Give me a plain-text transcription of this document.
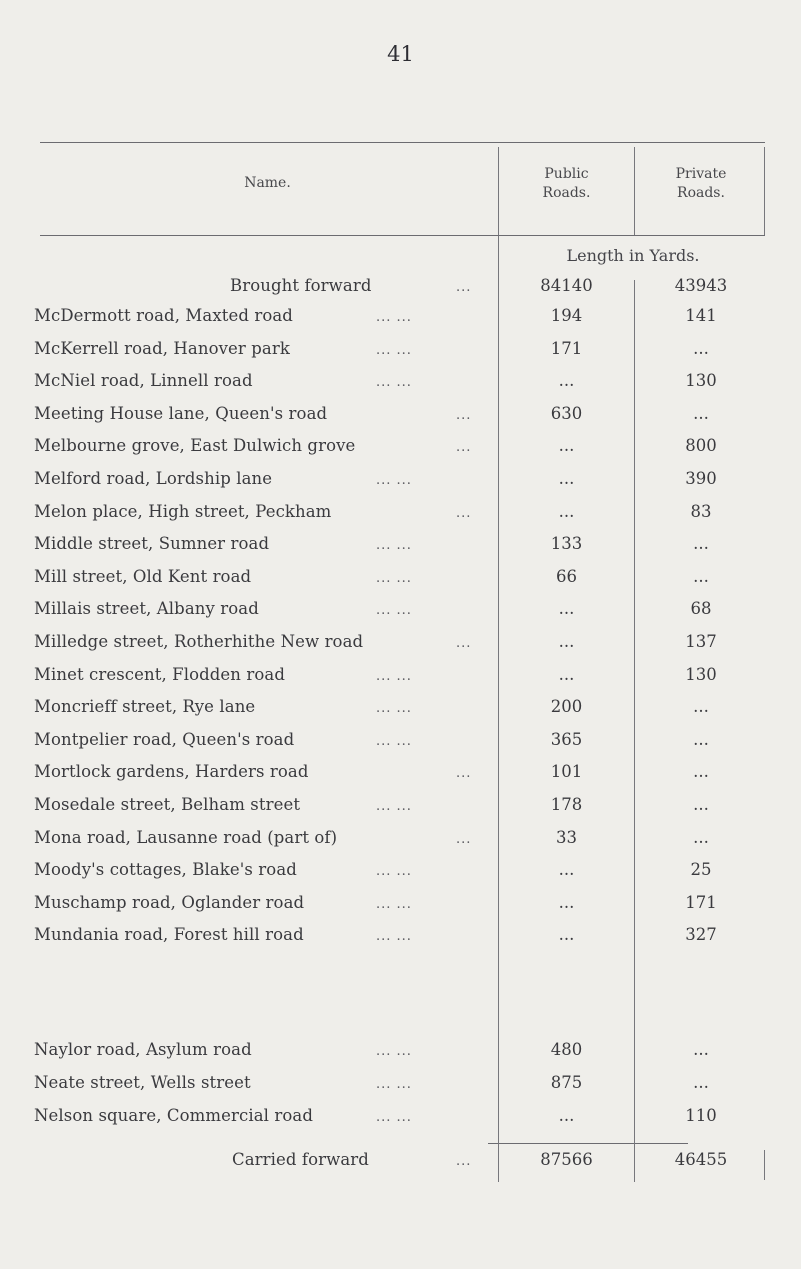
41
Name.
Public
Roads.
Private
Roads.
Length in Yards.
Brought forward	...	84140	43943
McDermott road, Maxted road	... ...	194	141
McKerrell road, Hanover park	... ...	171	...
McNiel road, Linnell road	... ...	...	130
Meeting House lane, Queen's road	...	630	...
Melbourne grove, East Dulwich grove	...	...	800
Melford road, Lordship lane	... ...	...	390
Melon place, High street, Peckham	...	...	83
Middle street, Sumner road	... ...	133	...
Mill street, Old Kent road	... ...	66	...
Millais street, Albany road	... ...	...	68
Milledge street, Rotherhithe New road	...	...	137
Minet crescent, Flodden road	... ...	...	130
Moncrieff street, Rye lane	... ...	200	...
Montpelier road, Queen's road	... ...	365	...
Mortlock gardens, Harders road	...	101	...
Mosedale street, Belham street	... ...	178	...
Mona road, Lausanne road (part of)	...	33	...
Moody's cottages, Blake's road	... ...	...	25
Muschamp road, Oglander road	... ...	...	171
Mundania road, Forest hill road	... ...	...	327
Naylor road, Asylum road	... ...	480	...
Neate street, Wells street	... ...	875	...
Nelson square, Commercial road	... ...	...	110
Carried forward	...	87566	46455
